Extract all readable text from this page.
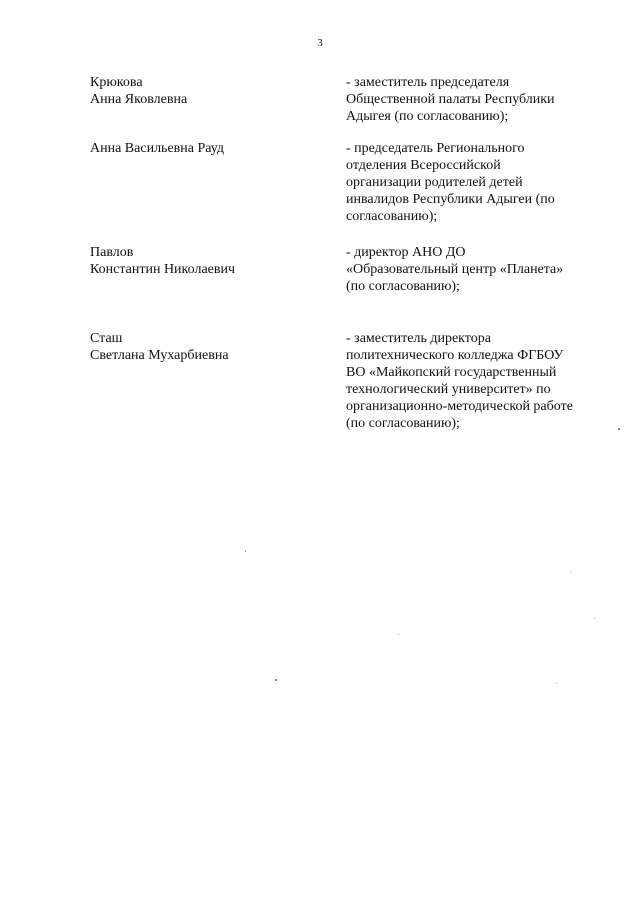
3
Крюкова
Анна Яковлевна
- заместитель председателя
Общественной палаты Республики
Адыгея (по согласованию);
Анна Васильевна Рауд	- председатель Регионального
отделения Всероссийской
организации родителей детей
инвалидов Республики Адыгеи (по
согласованию);
Павлов
Константин Николаевич
- директор АНО ДО
«Образовательный центр «Планета»
(по согласованию);
Сташ
Светлана Мухарбиевна
- заместитель директора
политехнического колледжа ФГБОУ
ВО «Майкопский государственный
технологический университет» по
организационно-методической работе
(по согласованию);
